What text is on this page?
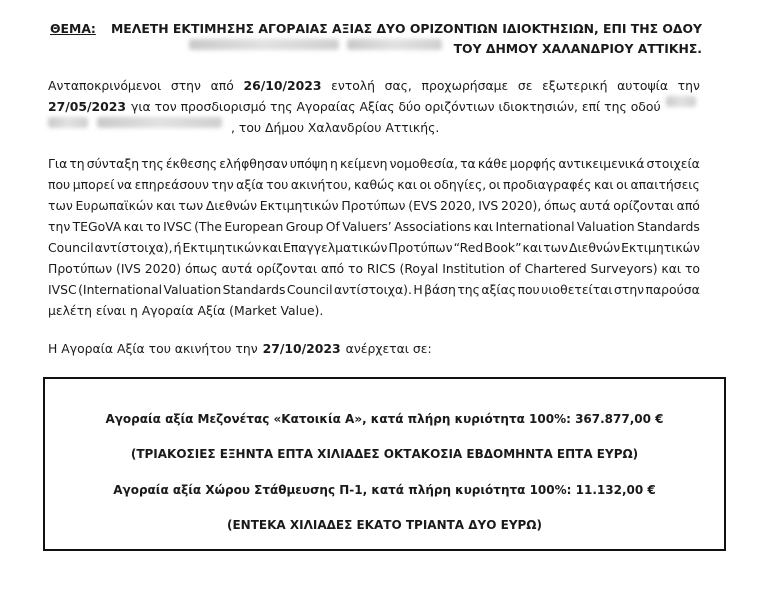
ΘΕΜΑ: ΜΕΛΕΤΗ ΕΚΤΙΜΗΣΗΣ ΑΓΟΡΑΙΑΣ ΑΞΙΑΣ ΔΥΟ ΟΡΙΖΟΝΤΙΩΝ ΙΔΙΟΚΤΗΣΙΩΝ, ΕΠΙ ΤΗΣ ΟΔΟΥ
ΤΟΥ ΔΗΜΟΥ ΧΑΛΑΝΔΡΙΟΥ ΑΤΤΙΚΗΣ.
Ανταποκρινόμενοι στην από 26/10/2023 εντολή σας, προχωρήσαμε σε εξωτερική αυτοψία την
27/05/2023 για τον προσδιορισμό της Αγοραίας Αξίας δύο οριζόντιων ιδιοκτησιών, επί της οδού
, του Δήμου Χαλανδρίου Αττικής.
Για τη σύνταξη της έκθεσης ελήφθησαν υπόψη η κείμενη νομοθεσία, τα κάθε μορφής αντικειμενικά στοιχεία
που μπορεί να επηρεάσουν την αξία του ακινήτου, καθώς και οι οδηγίες, οι προδιαγραφές και οι απαιτήσεις
των Ευρωπαϊκών και των Διεθνών Εκτιμητικών Προτύπων (EVS 2020, IVS 2020), όπως αυτά ορίζονται από
την TEGoVA και το IVSC (The European Group Of Valuers’ Associations και International Valuation Standards
Council αντίστοιχα), ή Εκτιμητικών και Επαγγελματικών Προτύπων “Red Book” και των Διεθνών Εκτιμητικών
Προτύπων (IVS 2020) όπως αυτά ορίζονται από το RICS (Royal Institution of Chartered Surveyors) και το
IVSC (International Valuation Standards Council αντίστοιχα). Η βάση της αξίας που υιοθετείται στην παρούσα
μελέτη είναι η Αγοραία Αξία (Market Value).
Η Αγοραία Αξία του ακινήτου την 27/10/2023 ανέρχεται σε:
Αγοραία αξία Μεζονέτας «Κατοικία Α», κατά πλήρη κυριότητα 100%: 367.877,00 €
(ΤΡΙΑΚΟΣΙΕΣ ΕΞΗΝΤΑ ΕΠΤΑ ΧΙΛΙΑΔΕΣ ΟΚΤΑΚΟΣΙΑ ΕΒΔΟΜΗΝΤΑ ΕΠΤΑ ΕΥΡΩ)
Αγοραία αξία Χώρου Στάθμευσης Π-1, κατά πλήρη κυριότητα 100%: 11.132,00 €
(ΕΝΤΕΚΑ ΧΙΛΙΑΔΕΣ ΕΚΑΤΟ ΤΡΙΑΝΤΑ ΔΥΟ ΕΥΡΩ)
